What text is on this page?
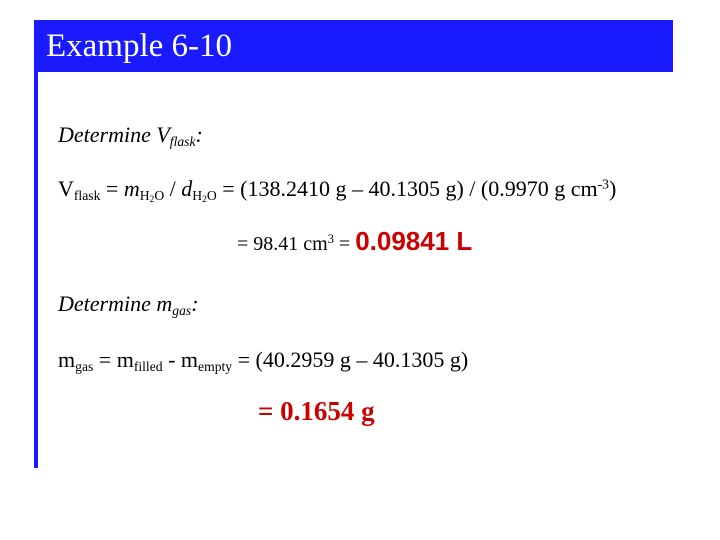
Example 6-10
Determine $V_{flask}$:
$V_{flask} = m_{H2O} / d_{H2O} = (138.2410$ g – 40.1305 g) / (0.9970 g $cm^{-3}$)
= 98.41 $cm^3 = 0.09841$ L
Determine $m_{gas}$:
$m_{gas} = m_{filled} - m_{empty} = (40.2959$ g – 40.1305 g)
= 0.1654 g
